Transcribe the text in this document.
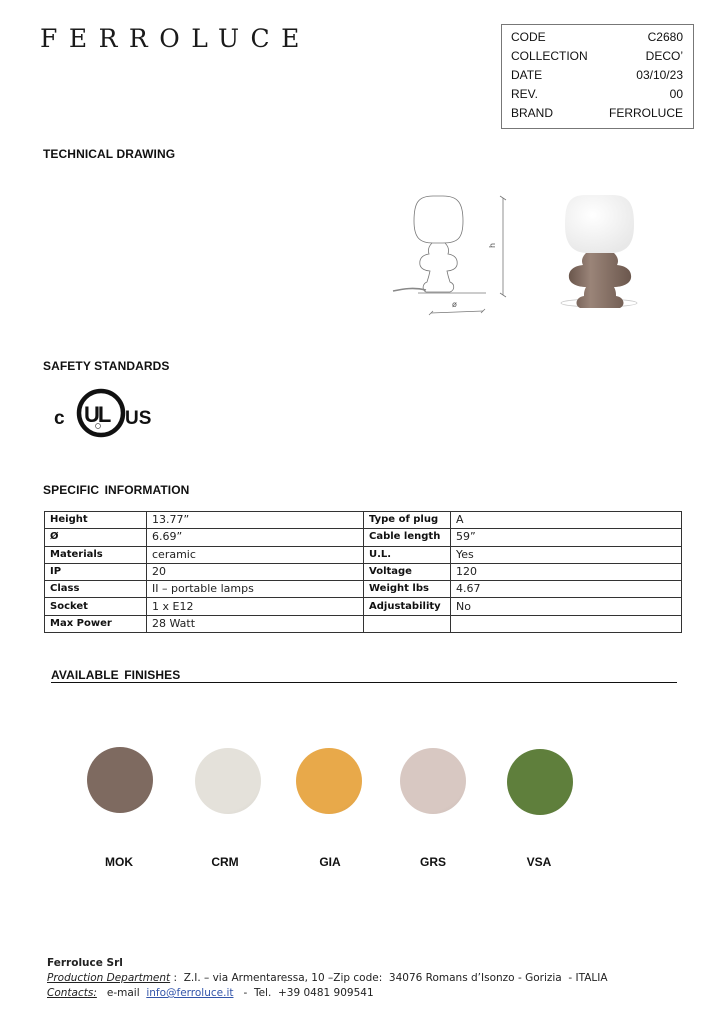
FERROLUCE	CODE	C2680
COLLECTION	DECO’
DATE	03/10/23
REV.	00
BRAND	FERROLUCE
TECHNICAL DRAWING
h
ø
SAFETY STANDARDS
c UL US
SPECIFIC INFORMATION
Height	13.77”	Type of plug	A
Ø	6.69”	Cable length	59”
Materials	ceramic	U.L.	Yes
IP	20	Voltage	120
Class	II – portable lamps	Weight lbs	4.67
Socket	1 x E12	Adjustability	No
Max Power	28 Watt		
AVAILABLE FINISHES
MOK	CRM	GIA	GRS	VSA
Ferroluce Srl
Production Department :  Z.I. – via Armentaressa, 10 –Zip code:  34076 Romans d’Isonzo - Gorizia  - ITALIA
Contacts:   e-mail  info@ferroluce.it   -  Tel.  +39 0481 909541
